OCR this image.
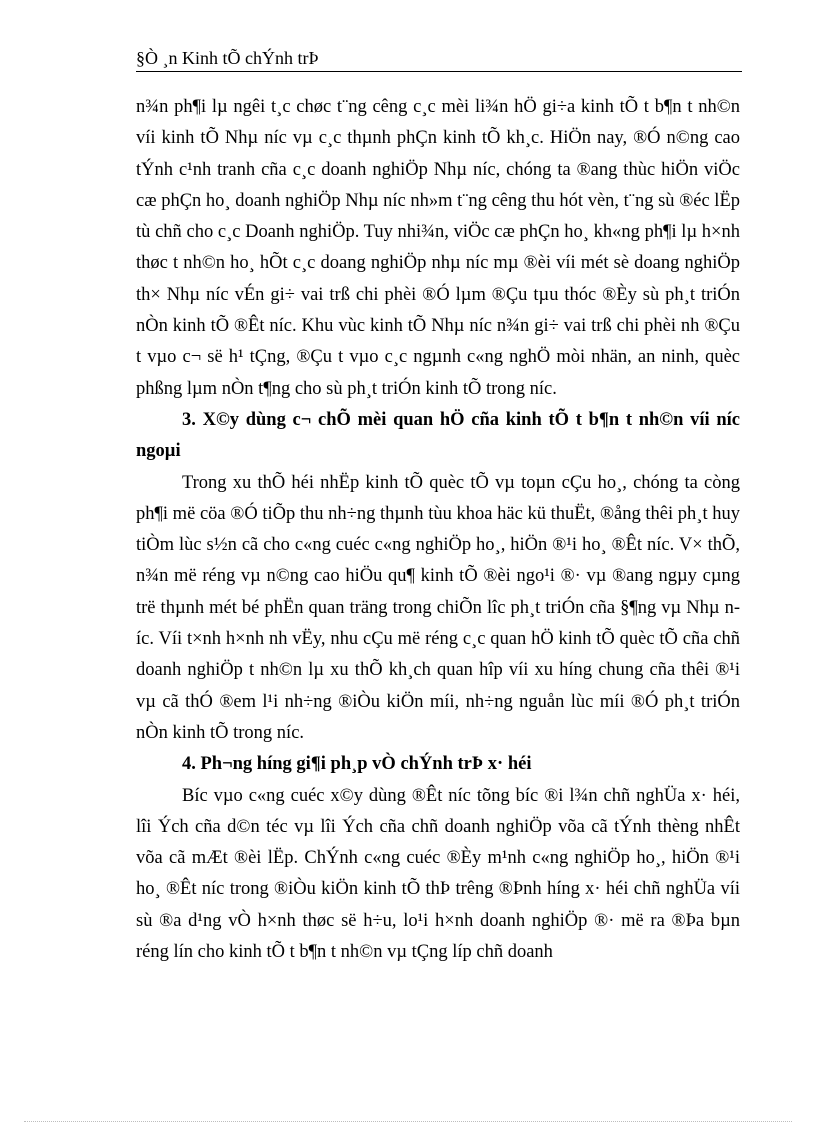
§Ò ¸n Kinh tÕ chÝnh trÞ

n¾n ph¶i lµ ngêi t¸c chøc t¨ng cêng c¸c mèi li¾n hÖ gi÷a kinh tÕ t b¶n t nh©n víi kinh tÕ Nhµ níc vµ c¸c thµnh phÇn kinh tÕ kh¸c. HiÖn nay, ®Ó n©ng cao tÝnh c¹nh tranh cña c¸c doanh nghiÖp Nhµ níc, chóng ta ®ang thùc hiÖn viÖc cæ phÇn ho¸ doanh nghiÖp Nhµ níc nh»m t¨ng cêng thu hót vèn, t¨ng sù ®éc lËp tù chñ cho c¸c Doanh nghiÖp. Tuy nhi¾n, viÖc cæ phÇn ho¸ kh«ng ph¶i lµ h×nh thøc t nh©n ho¸ hÕt c¸c doang nghiÖp nhµ níc mµ ®èi víi mét sè doang nghiÖp th× Nhµ níc vÉn gi÷ vai trß chi phèi ®Ó lµm ®Çu tµu thóc ®Èy sù ph¸t triÓn nÒn kinh tÕ ®Êt níc. Khu vùc kinh tÕ Nhµ níc n¾n gi÷ vai trß chi phèi nh ®Çu t vµo c¬ së h¹ tÇng, ®Çu t vµo c¸c ngµnh c«ng nghÖ mòi nhän, an ninh, quèc phßng lµm nÒn t¶ng cho sù ph¸t triÓn kinh tÕ trong níc.

3. X©y dùng c¬ chÕ mèi quan hÖ cña kinh tÕ t b¶n t nh©n víi níc ngoµi

Trong xu thÕ héi nhËp kinh tÕ quèc tÕ vµ toµn cÇu ho¸, chóng ta còng ph¶i më cöa ®Ó tiÕp thu nh÷ng thµnh tùu khoa häc kü thuËt, ®ång thêi ph¸t huy tiÒm lùc s½n cã cho c«ng cuéc c«ng nghiÖp ho¸, hiÖn ®¹i ho¸ ®Êt níc. V× thÕ, n¾n më réng vµ n©ng cao hiÖu qu¶ kinh tÕ ®èi ngo¹i ®· vµ ®ang ngµy cµng trë thµnh mét bé phËn quan träng trong chiÕn lîc ph¸t triÓn cña §¶ng vµ Nhµ níc. Víi t×nh h×nh nh vËy, nhu cÇu më réng c¸c quan hÖ kinh tÕ quèc tÕ cña chñ doanh nghiÖp t nh©n lµ xu thÕ kh¸ch quan hîp víi xu híng chung cña thêi ®¹i vµ cã thÓ ®em l¹i nh÷ng ®iÒu kiÖn míi, nh÷ng nguån lùc míi ®Ó ph¸t triÓn nÒn kinh tÕ trong níc.

4. Ph¬ng híng gi¶i ph¸p vÒ chÝnh trÞ x· héi

Bíc vµo c«ng cuéc x©y dùng ®Êt níc tõng bíc ®i l¾n chñ nghÜa x· héi, lîi Ých cña d©n téc vµ lîi Ých cña chñ doanh nghiÖp võa cã tÝnh thèng nhÊt võa cã mÆt ®èi lËp. ChÝnh c«ng cuéc ®Èy m¹nh c«ng nghiÖp ho¸, hiÖn ®¹i ho¸ ®Êt níc trong ®iÒu kiÖn kinh tÕ thÞ trêng ®Þnh híng x· héi chñ nghÜa víi sù ®a d¹ng vÒ h×nh thøc së h÷u, lo¹i h×nh doanh nghiÖp ®· më ra ®Þa bµn réng lín cho kinh tÕ t b¶n t nh©n vµ tÇng líp chñ doanh
